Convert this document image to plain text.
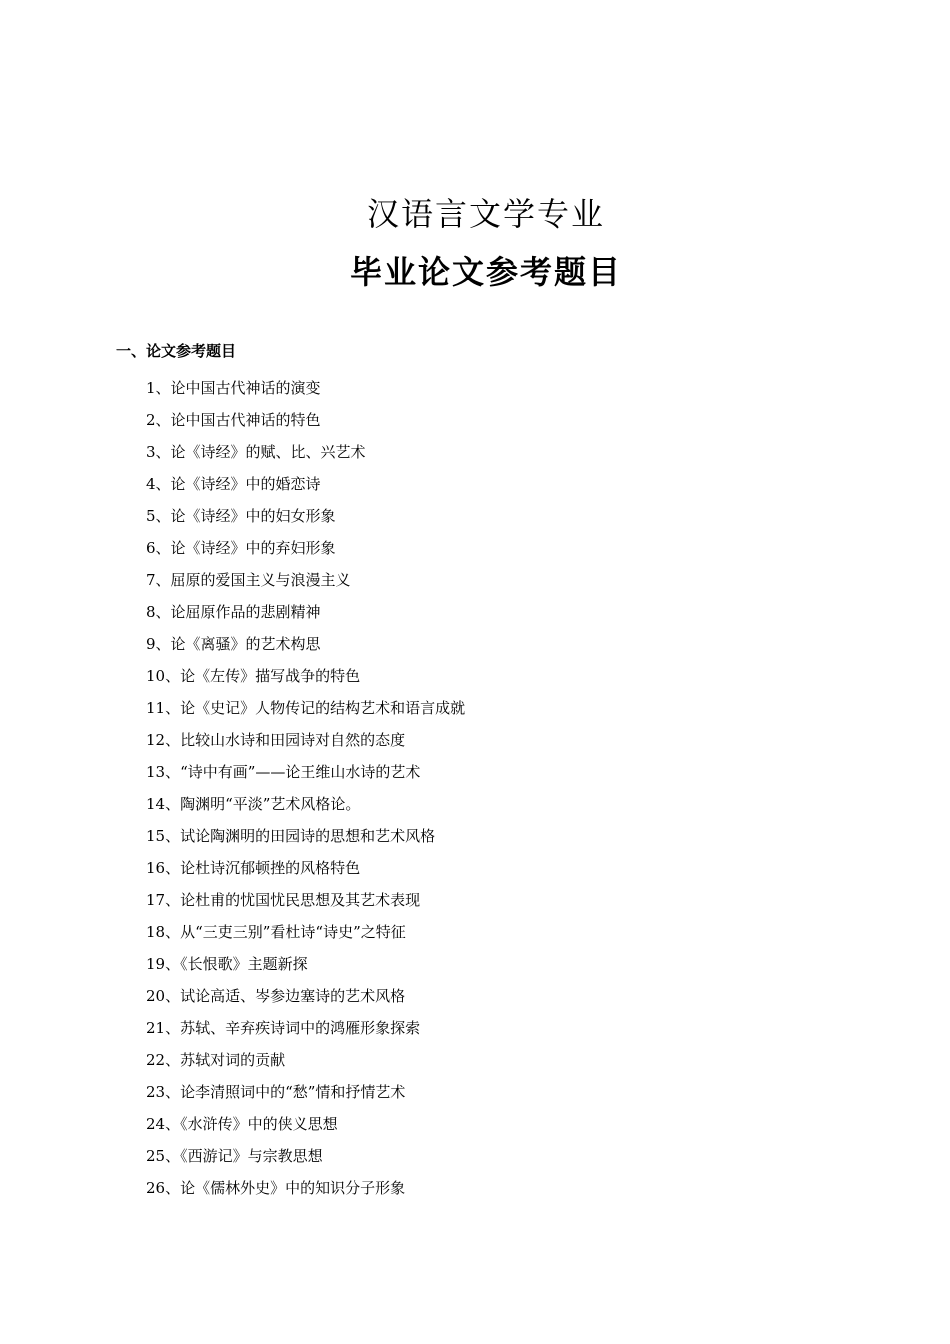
汉语言文学专业
毕业论文参考题目
一、论文参考题目
1、论中国古代神话的演变
2、论中国古代神话的特色
3、论《诗经》的赋、比、兴艺术
4、论《诗经》中的婚恋诗
5、论《诗经》中的妇女形象
6、论《诗经》中的弃妇形象
7、屈原的爱国主义与浪漫主义
8、论屈原作品的悲剧精神
9、论《离骚》的艺术构思
10、论《左传》描写战争的特色
11、论《史记》人物传记的结构艺术和语言成就
12、比较山水诗和田园诗对自然的态度
13、“诗中有画”——论王维山水诗的艺术
14、陶渊明“平淡”艺术风格论。
15、试论陶渊明的田园诗的思想和艺术风格
16、论杜诗沉郁顿挫的风格特色
17、论杜甫的忧国忧民思想及其艺术表现
18、从“三吏三别”看杜诗“诗史”之特征
19、《长恨歌》主题新探
20、试论高适、岑参边塞诗的艺术风格
21、苏轼、辛弃疾诗词中的鸿雁形象探索
22、苏轼对词的贡献
23、论李清照词中的“愁”情和抒情艺术
24、《水浒传》中的侠义思想
25、《西游记》与宗教思想
26、论《儒林外史》中的知识分子形象
